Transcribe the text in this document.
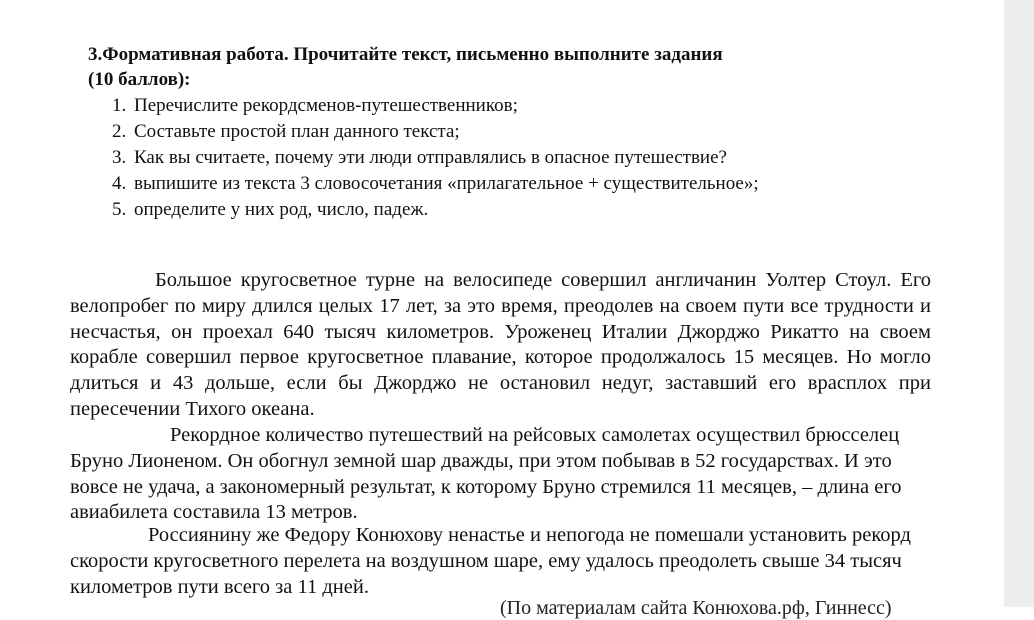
3.Формативная работа. Прочитайте текст, письменно выполните задания
(10 баллов):
1. Перечислите рекордсменов-путешественников;
2. Составьте простой план данного текста;
3. Как вы считаете, почему эти люди отправлялись в опасное путешествие?
4. выпишите из текста 3 словосочетания «прилагательное + существительное»;
5. определите у них род, число, падеж.

Большое кругосветное турне на велосипеде совершил англичанин Уолтер Стоул. Его велопробег по миру длился целых 17 лет, за это время, преодолев на своем пути все трудности и несчастья, он проехал 640 тысяч километров. Уроженец Италии Джорджо Рикатто на своем корабле совершил первое кругосветное плавание, которое продолжалось 15 месяцев. Но могло длиться и 43 дольше, если бы Джорджо не остановил недуг, заставший его врасплох при пересечении Тихого океана.

Рекордное количество путешествий на рейсовых самолетах осуществил брюсселец Бруно Лионеном. Он обогнул земной шар дважды, при этом побывав в 52 государствах. И это вовсе не удача, а закономерный результат, к которому Бруно стремился 11 месяцев, – длина его авиабилета составила 13 метров.

Россиянину же Федору Конюхову ненастье и непогода не помешали установить рекорд скорости кругосветного перелета на воздушном шаре, ему удалось преодолеть свыше 34 тысяч километров пути всего за 11 дней.

(По материалам сайта Конюхова.рф, Гиннесс)
